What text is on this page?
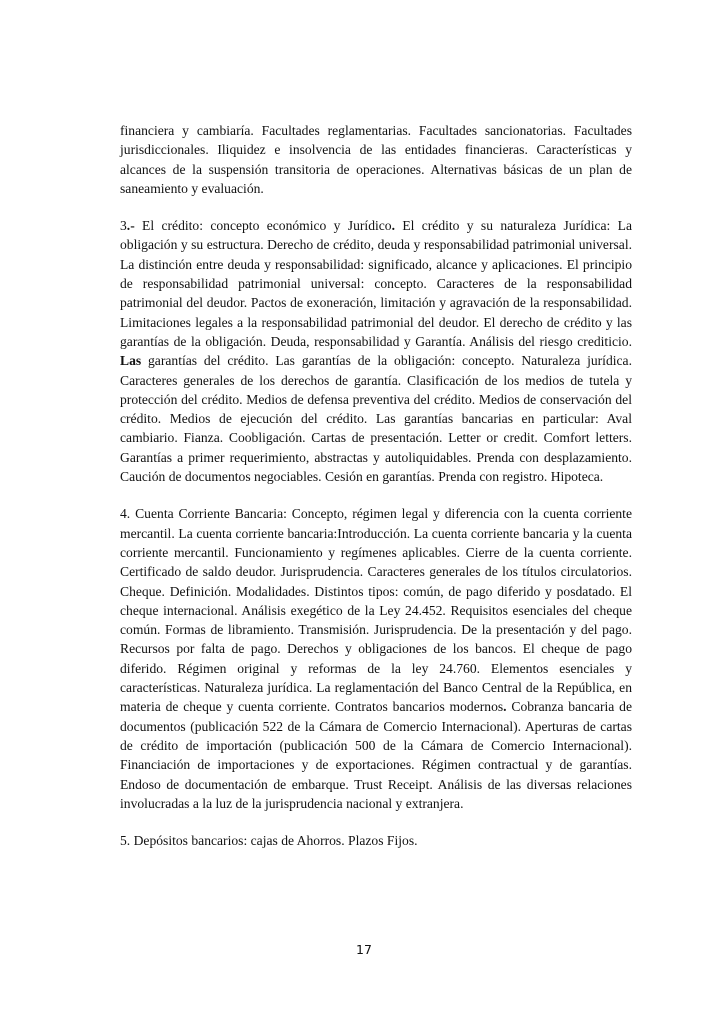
financiera y cambiaría. Facultades reglamentarias. Facultades sancionatorias. Facultades jurisdiccionales. Iliquidez e insolvencia de las entidades financieras. Características y alcances de la suspensión transitoria de operaciones. Alternativas básicas de un plan de saneamiento y evaluación.

3.- El crédito: concepto económico y Jurídico. El crédito y su naturaleza Jurídica: La obligación y su estructura. Derecho de crédito, deuda y responsabilidad patrimonial universal. La distinción entre deuda y responsabilidad: significado, alcance y aplicaciones. El principio de responsabilidad patrimonial universal: concepto. Caracteres de la responsabilidad patrimonial del deudor. Pactos de exoneración, limitación y agravación de la responsabilidad. Limitaciones legales a la responsabilidad patrimonial del deudor. El derecho de crédito y las garantías de la obligación. Deuda, responsabilidad y Garantía. Análisis del riesgo crediticio. Las garantías del crédito. Las garantías de la obligación: concepto. Naturaleza jurídica. Caracteres generales de los derechos de garantía. Clasificación de los medios de tutela y protección del crédito. Medios de defensa preventiva del crédito. Medios de conservación del crédito. Medios de ejecución del crédito. Las garantías bancarias en particular: Aval cambiario. Fianza. Coobligación. Cartas de presentación. Letter or credit. Comfort letters. Garantías a primer requerimiento, abstractas y autoliquidables. Prenda con desplazamiento. Caución de documentos negociables. Cesión en garantías. Prenda con registro. Hipoteca.

4. Cuenta Corriente Bancaria: Concepto, régimen legal y diferencia con la cuenta corriente mercantil. La cuenta corriente bancaria:Introducción. La cuenta corriente bancaria y la cuenta corriente mercantil. Funcionamiento y regímenes aplicables. Cierre de la cuenta corriente. Certificado de saldo deudor. Jurisprudencia. Caracteres generales de los títulos circulatorios. Cheque. Definición. Modalidades. Distintos tipos: común, de pago diferido y posdatado. El cheque internacional. Análisis exegético de la Ley 24.452. Requisitos esenciales del cheque común. Formas de libramiento. Transmisión. Jurisprudencia. De la presentación y del pago. Recursos por falta de pago. Derechos y obligaciones de los bancos. El cheque de pago diferido. Régimen original y reformas de la ley 24.760. Elementos esenciales y características. Naturaleza jurídica. La reglamentación del Banco Central de la República, en materia de cheque y cuenta corriente. Contratos bancarios modernos. Cobranza bancaria de documentos (publicación 522 de la Cámara de Comercio Internacional). Aperturas de cartas de crédito de importación (publicación 500 de la Cámara de Comercio Internacional). Financiación de importaciones y de exportaciones. Régimen contractual y de garantías. Endoso de documentación de embarque. Trust Receipt. Análisis de las diversas relaciones involucradas a la luz de la jurisprudencia nacional y extranjera.

5. Depósitos bancarios: cajas de Ahorros. Plazos Fijos.

17
